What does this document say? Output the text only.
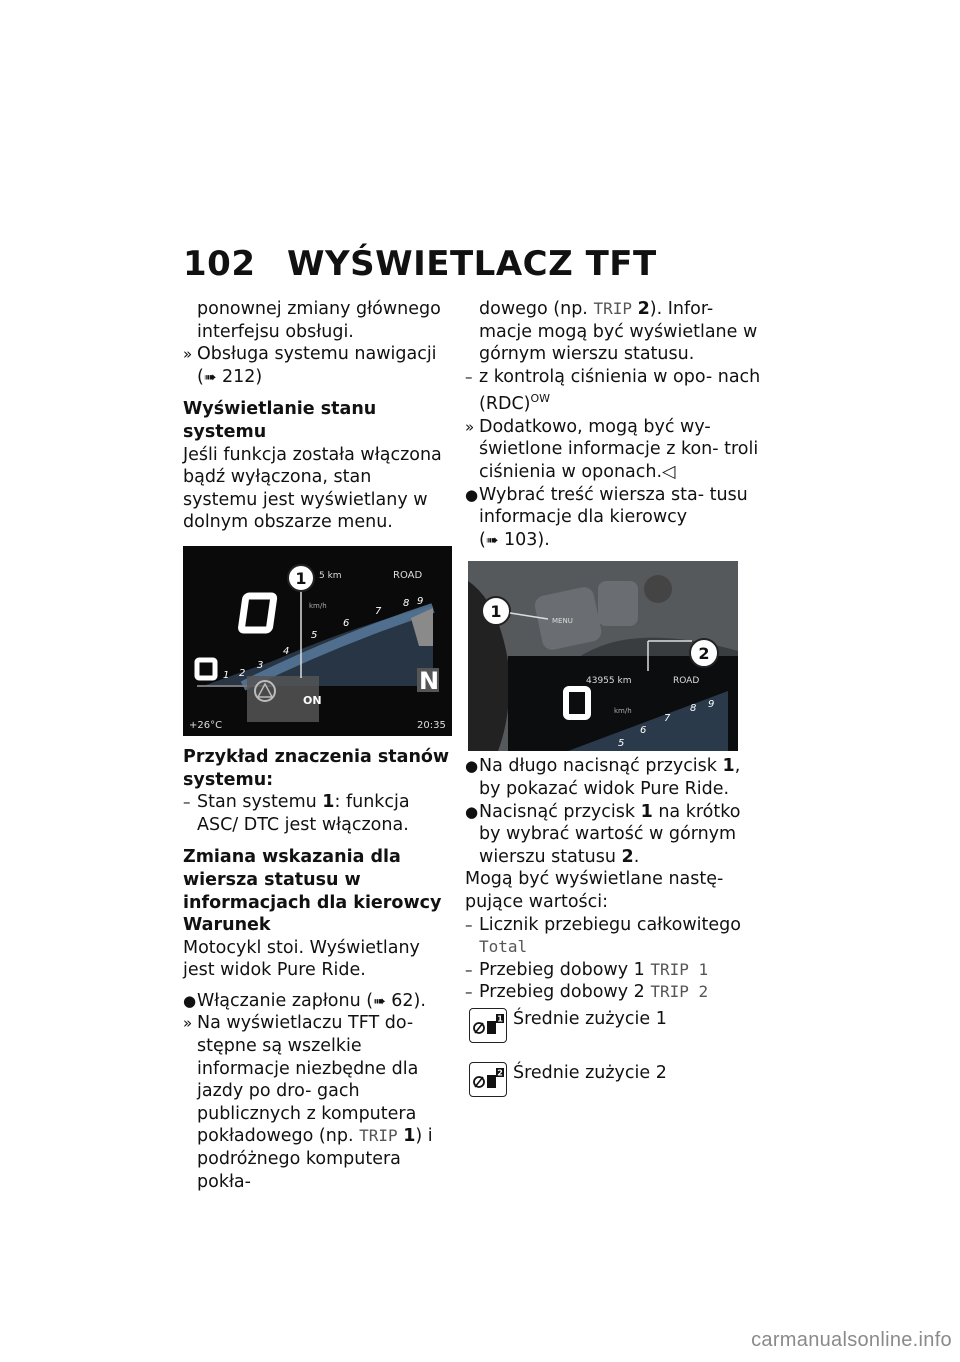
102 WYŚWIETLACZ TFT

ponownej zmiany głównego interfejsu obsługi.

» Obsługa systemu nawigacji
(➠ 212)
Wyświetlanie stanu systemu

Jeśli funkcja została włączona bądź wyłączona, stan systemu jest wyświetlany w dolnym obszarze menu.

N
1 5 km	ROAD
km/h
ON
+26°C	20:35
1 2
3
4
5
6
7
8 9
Przykład znaczenia stanów systemu:
– Stan systemu 1: funkcja ASC/ DTC jest włączona.
Zmiana wskazania dla wiersza statusu w informacjach dla kierowcy

Warunek

Motocykl stoi. Wyświetlany jest widok Pure Ride.

● Włączanie zapłonu (➠ 62).
» Na wyświetlaczu TFT do- stępne są wszelkie informacje niezbędne dla jazdy po dro- gach publicznych z komputera pokładowego (np. TRIP 1) i podróżnego komputera pokła-

dowego (np. TRIP 2). Infor- macje mogą być wyświetlane w górnym wierszu statusu.

– z kontrolą ciśnienia w opo- nach (RDC)$^{OW}$
» Dodatkowo, mogą być wy- świetlone informacje z kon- troli ciśnienia w oponach.◁
● Wybrać treść wiersza sta- tusu informacje dla kierowcy
(➠ 103).
2
1	MENU
43955 km	ROAD
km/h
5
6
7
8 9
● Na długo nacisnąć przycisk 1, by pokazać widok Pure Ride.
● Nacisnąć przycisk 1 na krótko by wybrać wartość w górnym wierszu statusu 2.

Mogą być wyświetlane nastę- pujące wartości:

– Licznik przebiegu całkowitego
Total
– Przebieg dobowy 1 TRIP 1
– Przebieg dobowy 2 TRIP 2
1 Średnie zużycie 1
2 Średnie zużycie 2
carmanualsonline.info
